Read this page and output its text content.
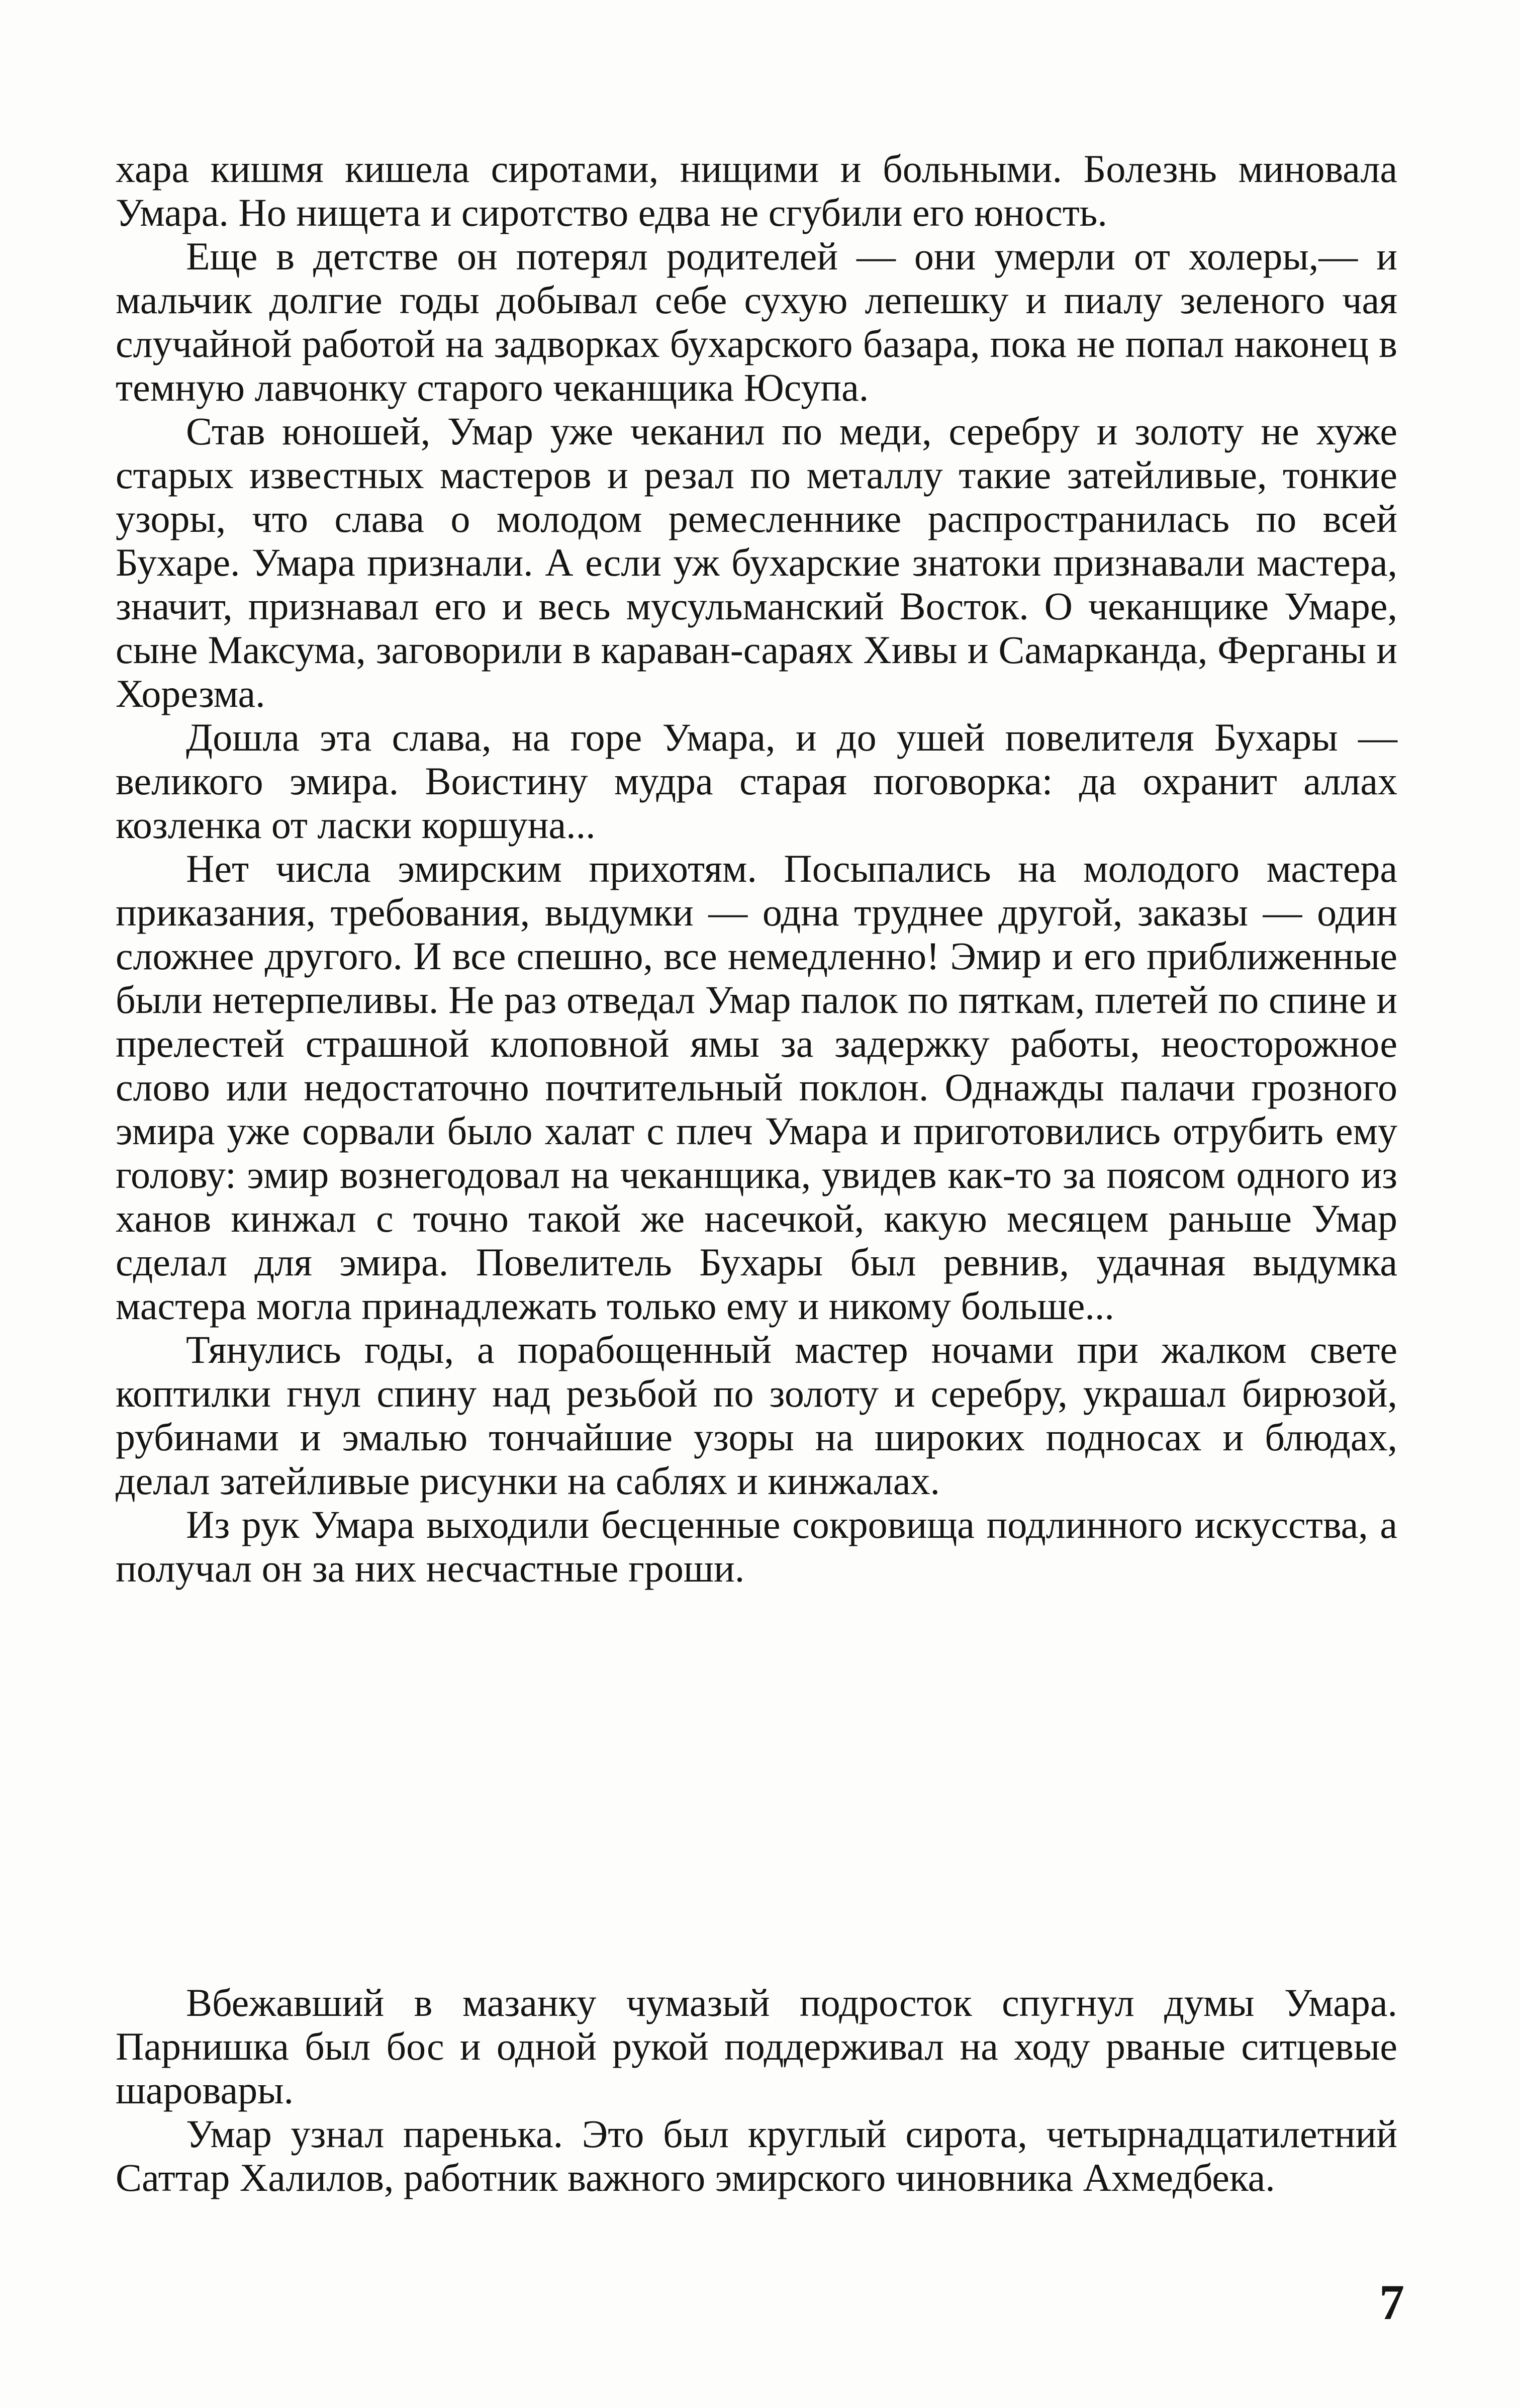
хара кишмя кишела сиротами, нищими и больными. Болезнь миновала Умара. Но нищета и сиротство едва не сгубили его юность.

Еще в детстве он потерял родителей — они умерли от холеры,— и мальчик долгие годы добывал себе сухую лепешку и пиалу зеленого чая случайной работой на задворках бухарского базара, пока не попал наконец в темную лавчонку старого чеканщика Юсупа.

Став юношей, Умар уже чеканил по меди, серебру и золоту не хуже старых известных мастеров и резал по металлу такие затейливые, тонкие узоры, что слава о молодом ремесленнике распространилась по всей Бухаре. Умара признали. А если уж бухарские знатоки признавали мастера, значит, признавал его и весь мусульманский Восток. О чеканщике Умаре, сыне Максума, заговорили в караван-сараях Хивы и Самарканда, Ферганы и Хорезма.

Дошла эта слава, на горе Умара, и до ушей повелителя Бухары — великого эмира. Воистину мудра старая поговорка: да охранит аллах козленка от ласки коршуна...

Нет числа эмирским прихотям. Посыпались на молодого мастера приказания, требования, выдумки — одна труднее другой, заказы — один сложнее другого. И все спешно, все немедленно! Эмир и его приближенные были нетерпеливы. Не раз отведал Умар палок по пяткам, плетей по спине и прелестей страшной клоповной ямы за задержку работы, неосторожное слово или недостаточно почтительный поклон. Однажды палачи грозного эмира уже сорвали было халат с плеч Умара и приготовились отрубить ему голову: эмир вознегодовал на чеканщика, увидев как-то за поясом одного из ханов кинжал с точно такой же насечкой, какую месяцем раньше Умар сделал для эмира. Повелитель Бухары был ревнив, удачная выдумка мастера могла принадлежать только ему и никому больше...

Тянулись годы, а порабощенный мастер ночами при жалком свете коптилки гнул спину над резьбой по золоту и серебру, украшал бирюзой, рубинами и эмалью тончайшие узоры на широких подносах и блюдах, делал затейливые рисунки на саблях и кинжалах.

Из рук Умара выходили бесценные сокровища подлинного искусства, а получал он за них несчастные гроши.

Вбежавший в мазанку чумазый подросток спугнул думы Умара. Парнишка был бос и одной рукой поддерживал на ходу рваные ситцевые шаровары.

Умар узнал паренька. Это был круглый сирота, четырнадцатилетний Саттар Халилов, работник важного эмирского чиновника Ахмедбека.

7
